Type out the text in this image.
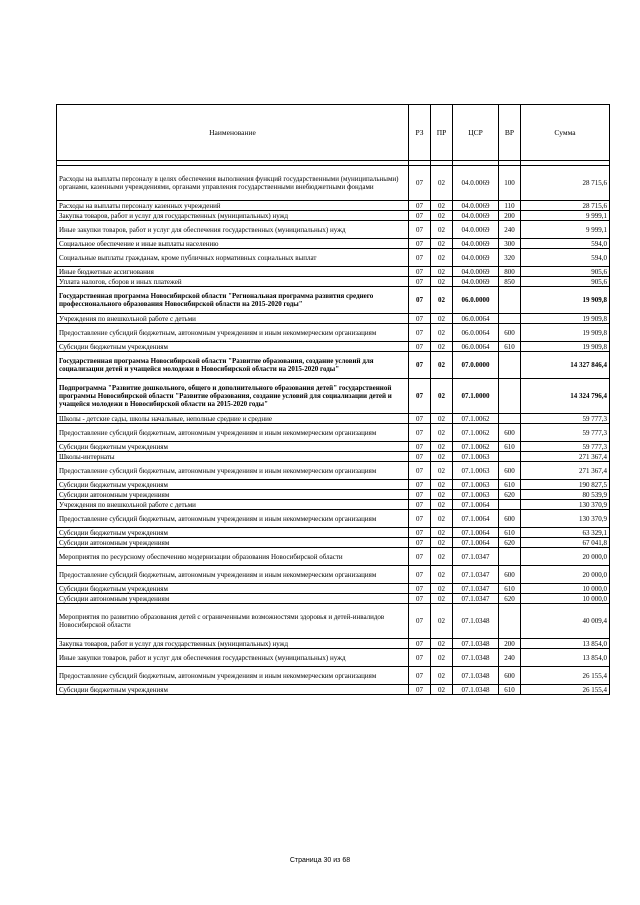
Наименование	РЗ	ПР	ЦСР	ВР	Сумма

Расходы на выплаты персоналу в целях обеспечения выполнения функций государственными (муниципальными) органами, казенными учреждениями, органами управления государственными внебюджетными фондами	07	02	04.0.0069	100	28 715,6
Расходы на выплаты персоналу казенных учреждений	07	02	04.0.0069	110	28 715,6
Закупка товаров, работ и услуг для государственных (муниципальных) нужд	07	02	04.0.0069	200	9 999,1
Иные закупки товаров, работ и услуг для обеспечения государственных (муниципальных) нужд	07	02	04.0.0069	240	9 999,1
Социальное обеспечение и иные выплаты населению	07	02	04.0.0069	300	594,0
Социальные выплаты гражданам, кроме публичных нормативных социальных выплат	07	02	04.0.0069	320	594,0
Иные бюджетные ассигнования	07	02	04.0.0069	800	905,6
Уплата налогов, сборов и иных платежей	07	02	04.0.0069	850	905,6
Государственная программа Новосибирской области "Региональная программа развития среднего профессионального образования Новосибирской области на 2015-2020 годы"	07	02	06.0.0000		19 909,8
Учреждения по внешкольной работе с детьми	07	02	06.0.0064		19 909,8
Предоставление субсидий бюджетным, автономным учреждениям и иным некоммерческим организациям	07	02	06.0.0064	600	19 909,8
Субсидии бюджетным учреждениям	07	02	06.0.0064	610	19 909,8
Государственная программа Новосибирской области "Развитие образования, создание условий для социализации детей и учащейся молодежи в Новосибирской области на 2015-2020 годы"	07	02	07.0.0000		14 327 846,4
Подпрограмма "Развитие дошкольного, общего и дополнительного образования детей" государственной программы Новосибирской области "Развитие образования, создание условий для социализации детей и учащейся молодежи в Новосибирской области на 2015-2020 годы"	07	02	07.1.0000		14 324 796,4
Школы - детские сады, школы начальные, неполные средние и средние	07	02	07.1.0062		59 777,3
Предоставление субсидий бюджетным, автономным учреждениям и иным некоммерческим организациям	07	02	07.1.0062	600	59 777,3
Субсидии бюджетным учреждениям	07	02	07.1.0062	610	59 777,3
Школы-интернаты	07	02	07.1.0063		271 367,4
Предоставление субсидий бюджетным, автономным учреждениям и иным некоммерческим организациям	07	02	07.1.0063	600	271 367,4
Субсидии бюджетным учреждениям	07	02	07.1.0063	610	190 827,5
Субсидии автономным учреждениям	07	02	07.1.0063	620	80 539,9
Учреждения по внешкольной работе с детьми	07	02	07.1.0064		130 370,9
Предоставление субсидий бюджетным, автономным учреждениям и иным некоммерческим организациям	07	02	07.1.0064	600	130 370,9
Субсидии бюджетным учреждениям	07	02	07.1.0064	610	63 329,1
Субсидии автономным учреждениям	07	02	07.1.0064	620	67 041,8
Мероприятия по ресурсному обеспечению модернизации образования Новосибирской области	07	02	07.1.0347		20 000,0
Предоставление субсидий бюджетным, автономным учреждениям и иным некоммерческим организациям	07	02	07.1.0347	600	20 000,0
Субсидии бюджетным учреждениям	07	02	07.1.0347	610	10 000,0
Субсидии автономным учреждениям	07	02	07.1.0347	620	10 000,0
Мероприятия по развитию образования детей с ограниченными возможностями здоровья и детей-инвалидов Новосибирской области	07	02	07.1.0348		40 009,4
Закупка товаров, работ и услуг для государственных (муниципальных) нужд	07	02	07.1.0348	200	13 854,0
Иные закупки товаров, работ и услуг для обеспечения государственных (муниципальных) нужд	07	02	07.1.0348	240	13 854,0
Предоставление субсидий бюджетным, автономным учреждениям и иным некоммерческим организациям	07	02	07.1.0348	600	26 155,4
Субсидии бюджетным учреждениям	07	02	07.1.0348	610	26 155,4
Страница 30 из 68
